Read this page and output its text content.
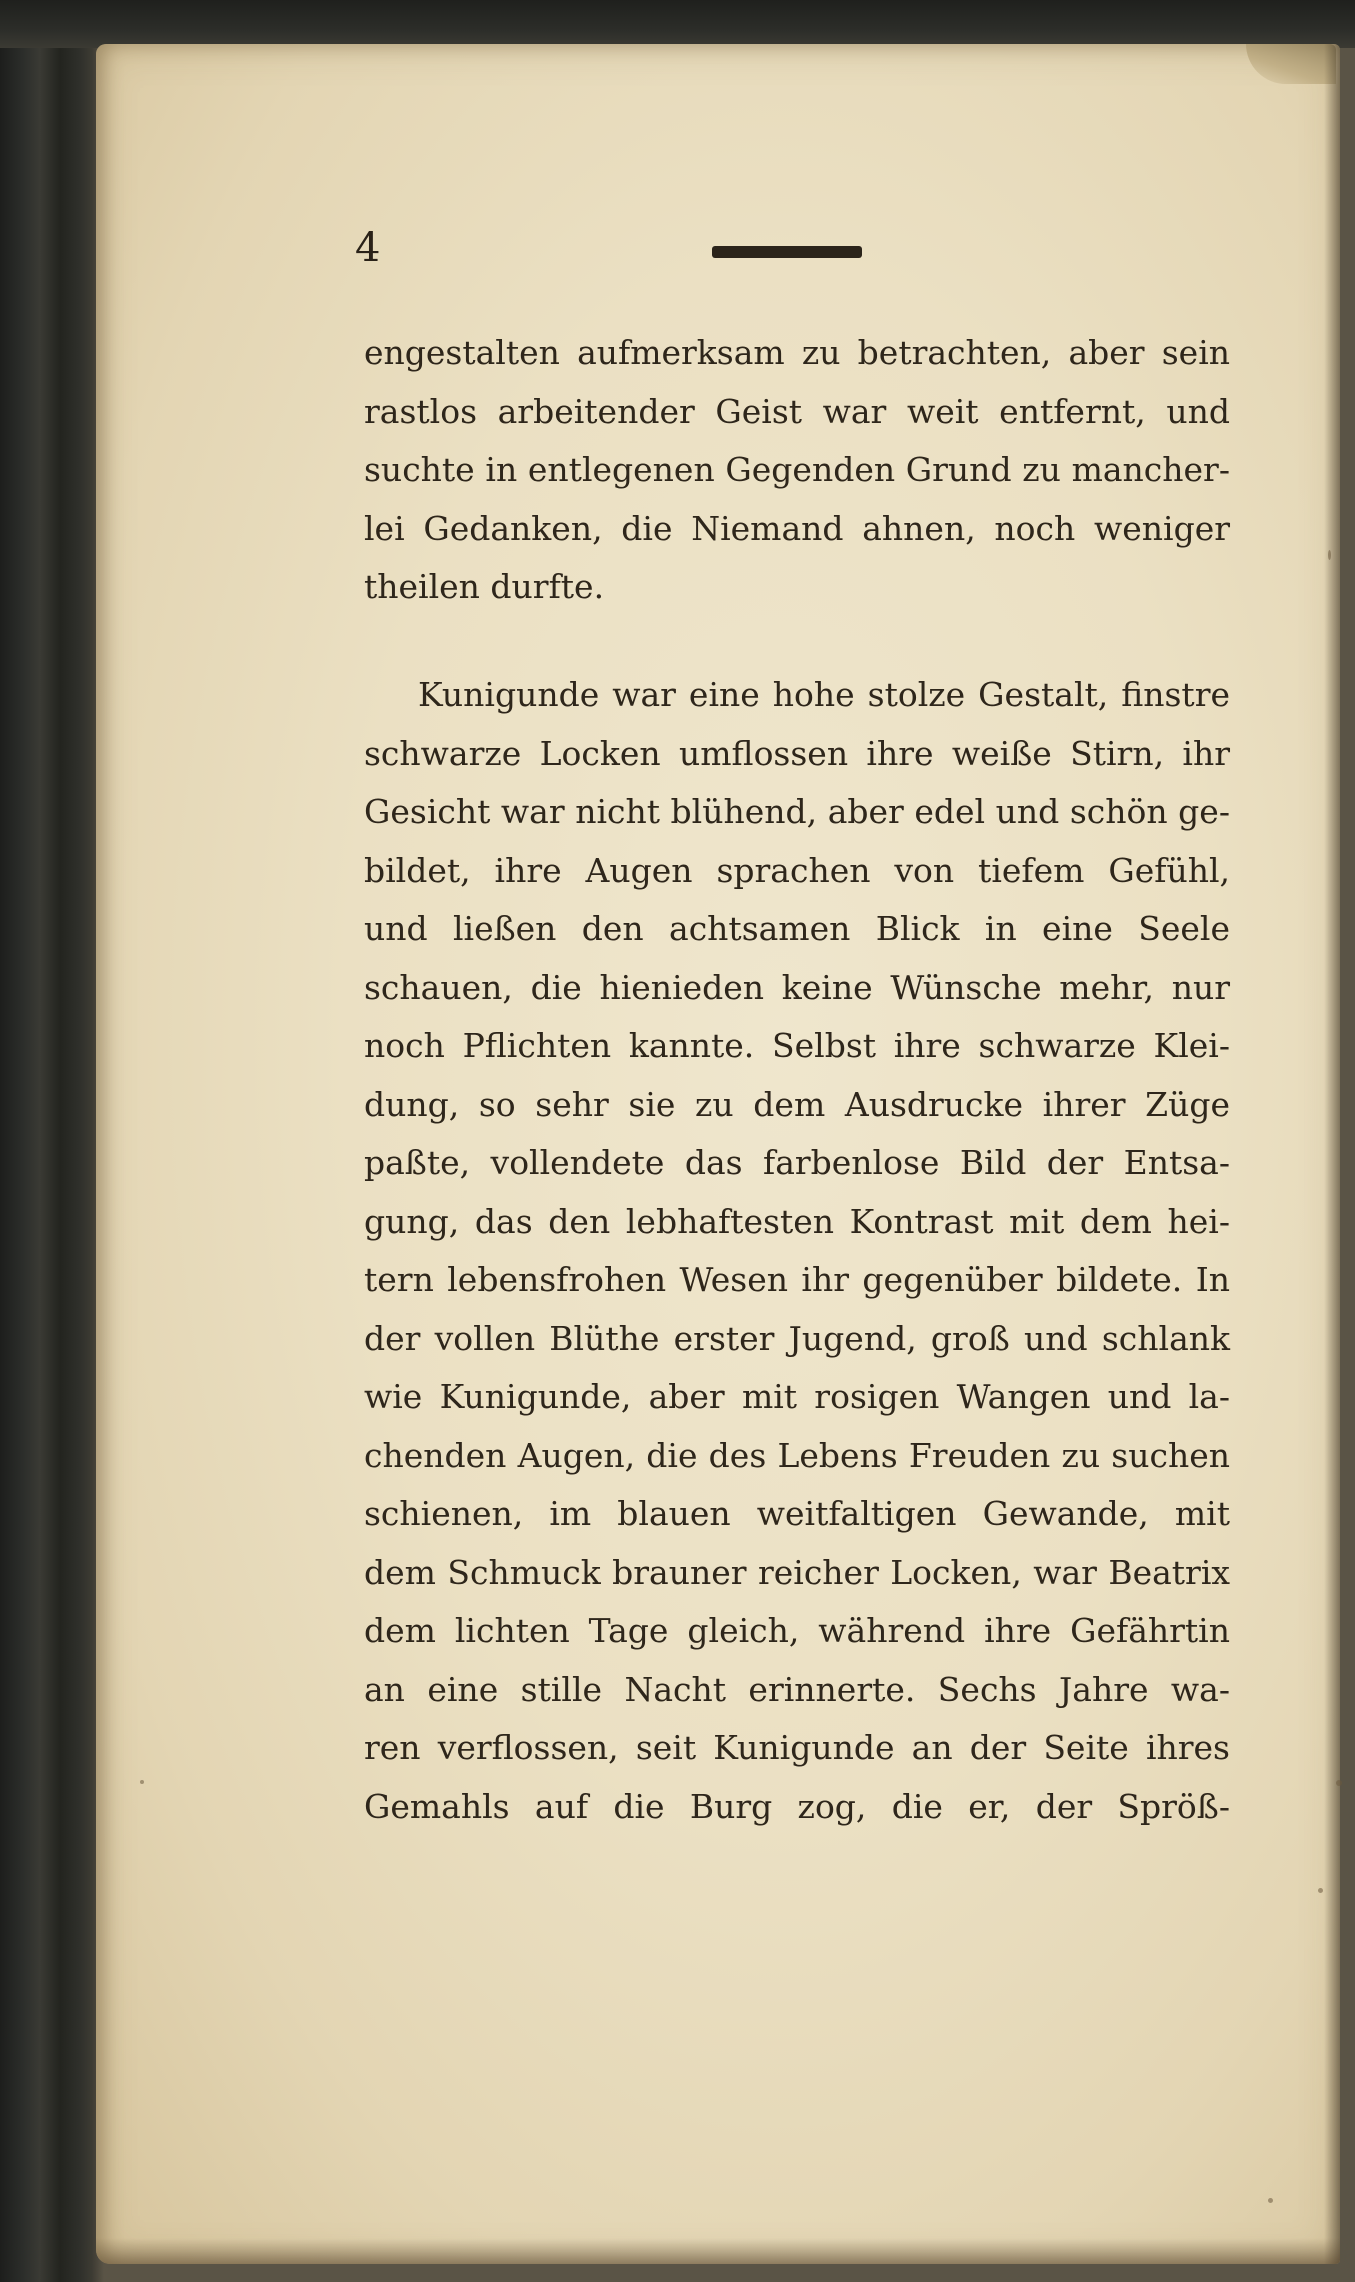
4

engestalten aufmerksam zu betrachten, aber sein
rastlos arbeitender Geist war weit entfernt, und
suchte in entlegenen Gegenden Grund zu mancher-
lei Gedanken, die Niemand ahnen, noch weniger
theilen durfte.

Kunigunde war eine hohe stolze Gestalt, finstre
schwarze Locken umflossen ihre weiße Stirn, ihr
Gesicht war nicht blühend, aber edel und schön ge-
bildet, ihre Augen sprachen von tiefem Gefühl,
und ließen den achtsamen Blick in eine Seele
schauen, die hienieden keine Wünsche mehr, nur
noch Pflichten kannte. Selbst ihre schwarze Klei-
dung, so sehr sie zu dem Ausdrucke ihrer Züge
paßte, vollendete das farbenlose Bild der Entsa-
gung, das den lebhaftesten Kontrast mit dem hei-
tern lebensfrohen Wesen ihr gegenüber bildete. In
der vollen Blüthe erster Jugend, groß und schlank
wie Kunigunde, aber mit rosigen Wangen und la-
chenden Augen, die des Lebens Freuden zu suchen
schienen, im blauen weitfaltigen Gewande, mit
dem Schmuck brauner reicher Locken, war Beatrix
dem lichten Tage gleich, während ihre Gefährtin
an eine stille Nacht erinnerte. Sechs Jahre wa-
ren verflossen, seit Kunigunde an der Seite ihres
Gemahls auf die Burg zog, die er, der Spröß-
